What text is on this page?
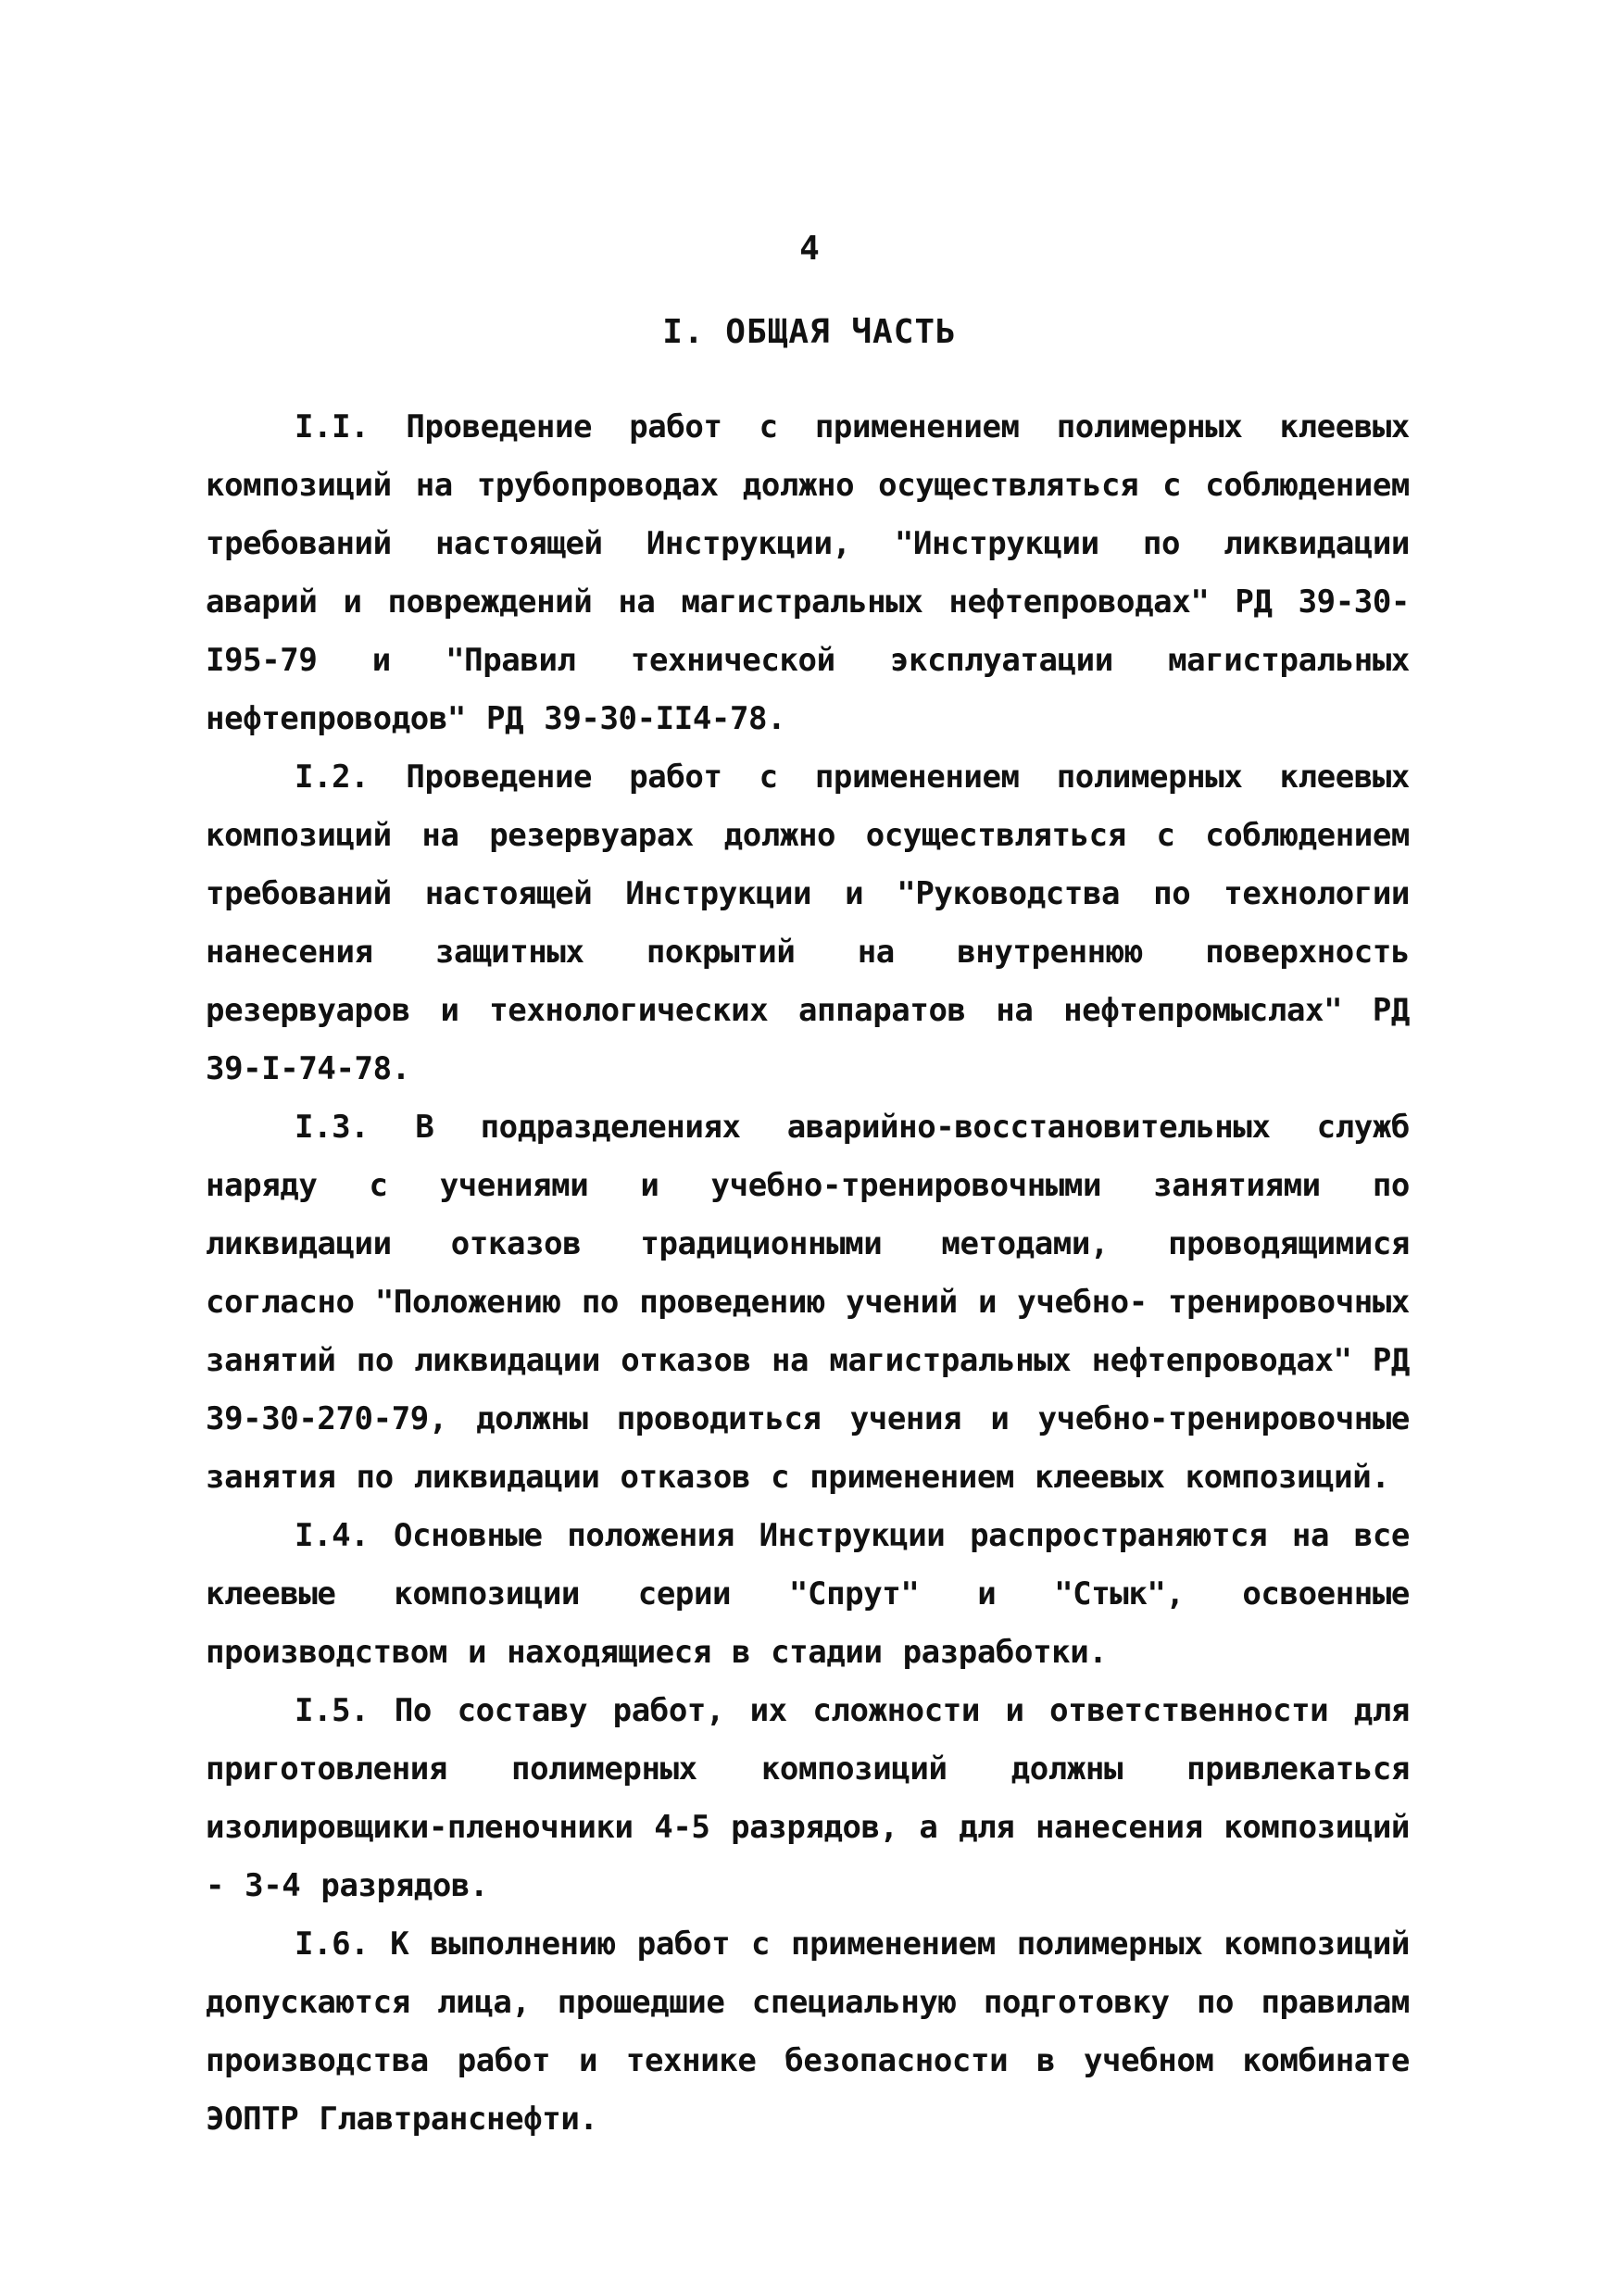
4
I. ОБЩАЯ ЧАСТЬ

I.I. Проведение работ с применением полимерных клеевых композиций на трубопроводах должно осуществляться с соблюдением требований настоящей Инструкции, "Инструкции по ликвидации аварий и повреждений на магистральных нефтепроводах" РД 39-30-I95-79 и "Правил технической эксплуатации магистральных нефтепроводов" РД 39-30-II4-78.

I.2. Проведение работ с применением полимерных клеевых композиций на резервуарах должно осуществляться с соблюдением требований настоящей Инструкции и "Руководства по технологии нанесения защитных покрытий на внутреннюю поверхность резервуаров и технологических аппаратов на нефтепромыслах" РД 39-I-74-78.

I.3. В подразделениях аварийно-восстановительных служб наряду с учениями и учебно-тренировочными занятиями по ликвидации отказов традиционными методами, проводящимися согласно "Положению по проведению учений и учебно- тренировочных занятий по ликвидации отказов на магистральных нефтепроводах" РД 39-30-270-79, должны проводиться учения и учебно-тренировочные занятия по ликвидации отказов с применением клеевых композиций.

I.4. Основные положения Инструкции распространяются на все клеевые композиции серии "Спрут" и "Стык", освоенные производством и находящиеся в стадии разработки.

I.5. По составу работ, их сложности и ответственности для приготовления полимерных композиций должны привлекаться изолировщики-пленочники 4-5 разрядов, а для нанесения композиций - 3-4 разрядов.

I.6. К выполнению работ с применением полимерных композиций допускаются лица, прошедшие специальную подготовку по правилам производства работ и технике безопасности в учебном комбинате ЭОПТР Главтранснефти.
